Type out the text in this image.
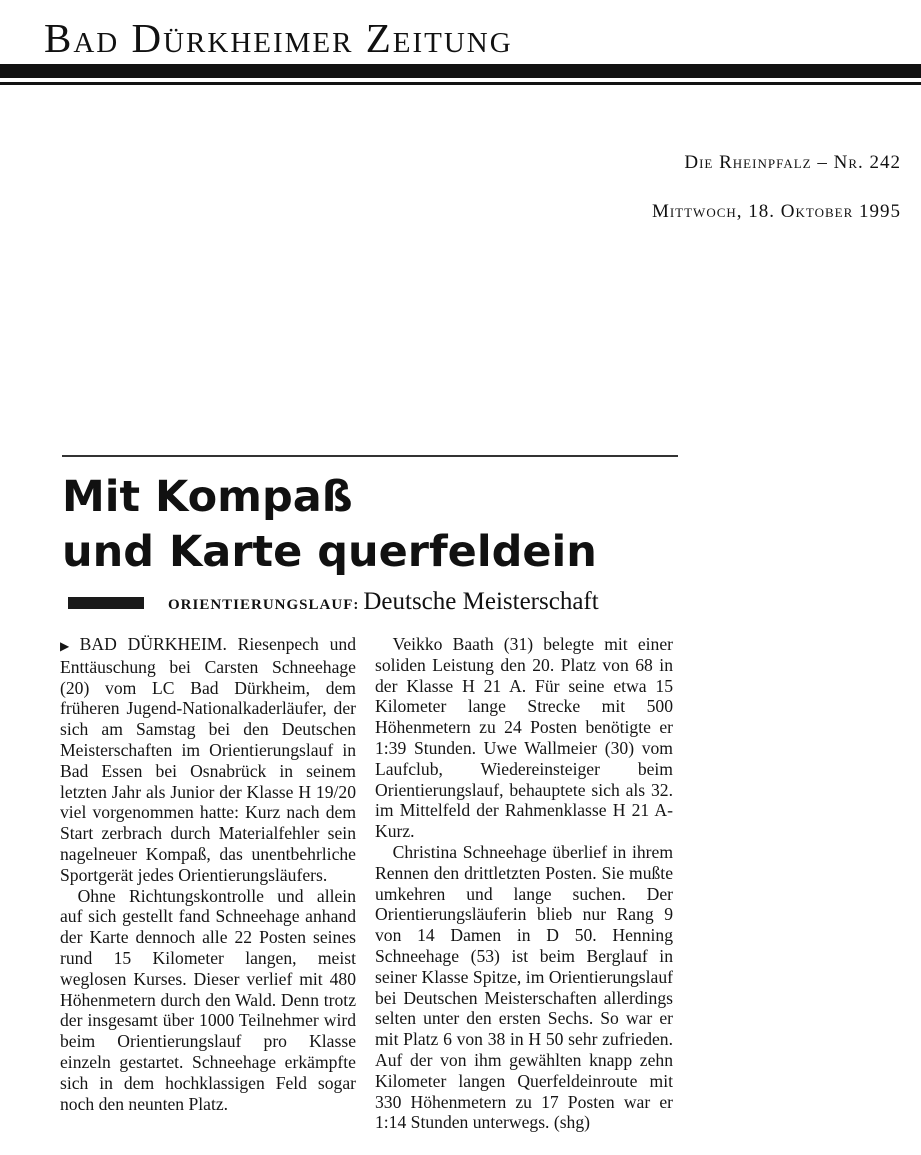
Bad Dürkheimer Zeitung
Die Rheinpfalz – Nr. 242
Mittwoch, 18. Oktober 1995
Mit Kompaß
und Karte querfeldein
ORIENTIERUNGSLAUF: Deutsche Meisterschaft

▶ BAD DÜRKHEIM. Riesenpech und Enttäuschung bei Carsten Schneehage (20) vom LC Bad Dürkheim, dem früheren Jugend-Nationalkaderläufer, der sich am Samstag bei den Deutschen Meisterschaften im Orientierungslauf in Bad Essen bei Osnabrück in seinem letzten Jahr als Junior der Klasse H 19/20 viel vorgenommen hatte: Kurz nach dem Start zerbrach durch Materialfehler sein nagelneuer Kompaß, das unentbehrliche Sportgerät jedes Orientierungsläufers.

Ohne Richtungskontrolle und allein auf sich gestellt fand Schneehage anhand der Karte dennoch alle 22 Posten seines rund 15 Kilometer langen, meist weglosen Kurses. Dieser verlief mit 480 Höhenmetern durch den Wald. Denn trotz der insgesamt über 1000 Teilnehmer wird beim Orientierungslauf pro Klasse einzeln gestartet. Schneehage erkämpfte sich in dem hochklassigen Feld sogar noch den neunten Platz.

Veikko Baath (31) belegte mit einer soliden Leistung den 20. Platz von 68 in der Klasse H 21 A. Für seine etwa 15 Kilometer lange Strecke mit 500 Höhenmetern zu 24 Posten benötigte er 1:39 Stunden. Uwe Wallmeier (30) vom Laufclub, Wiedereinsteiger beim Orientierungslauf, behauptete sich als 32. im Mittelfeld der Rahmenklasse H 21 A-Kurz.

Christina Schneehage überlief in ihrem Rennen den drittletzten Posten. Sie mußte umkehren und lange suchen. Der Orientierungsläuferin blieb nur Rang 9 von 14 Damen in D 50. Henning Schneehage (53) ist beim Berglauf in seiner Klasse Spitze, im Orientierungslauf bei Deutschen Meisterschaften allerdings selten unter den ersten Sechs. So war er mit Platz 6 von 38 in H 50 sehr zufrieden. Auf der von ihm gewählten knapp zehn Kilometer langen Querfeldeinroute mit 330 Höhenmetern zu 17 Posten war er 1:14 Stunden unterwegs. (shg)
